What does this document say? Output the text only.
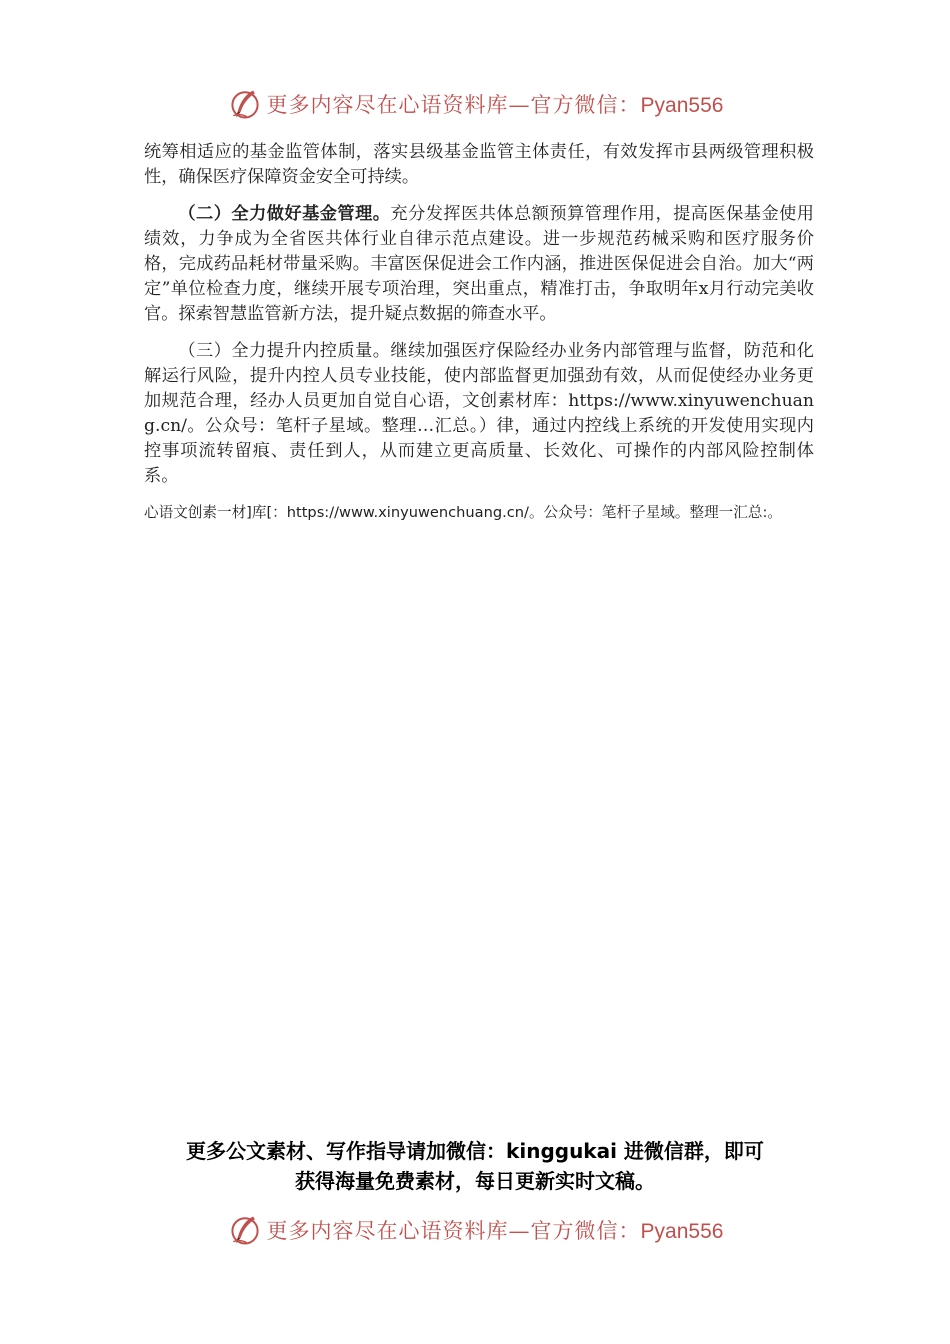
更多内容尽在心语资料库—官方微信：Pyan556

统筹相适应的基金监管体制，落实县级基金监管主体责任，有效发挥市县两级管理积极性，确保医疗保障资金安全可持续。

（二）全力做好基金管理。充分发挥医共体总额预算管理作用，提高医保基金使用绩效，力争成为全省医共体行业自律示范点建设。进一步规范药械采购和医疗服务价格，完成药品耗材带量采购。丰富医保促进会工作内涵，推进医保促进会自治。加大“两定”单位检查力度，继续开展专项治理，突出重点，精准打击，争取明年x月行动完美收官。探索智慧监管新方法，提升疑点数据的筛查水平。

（三）全力提升内控质量。继续加强医疗保险经办业务内部管理与监督，防范和化解运行风险，提升内控人员专业技能，使内部监督更加强劲有效，从而促使经办业务更加规范合理，经办人员更加自觉自心语，文创素材库：https://www.xinyuwenchuang.cn/。公众号：笔杆子星域。整理…汇总。）律，通过内控线上系统的开发使用实现内控事项流转留痕、责任到人，从而建立更高质量、长效化、可操作的内部风险控制体系。

心语文创素一材]库[：https://www.xinyuwenchuang.cn/。公众号：笔杆子星域。整理一汇总:。

更多公文素材、写作指导请加微信：kinggukai 进微信群，即可
获得海量免费素材，每日更新实时文稿。
更多内容尽在心语资料库—官方微信：Pyan556
